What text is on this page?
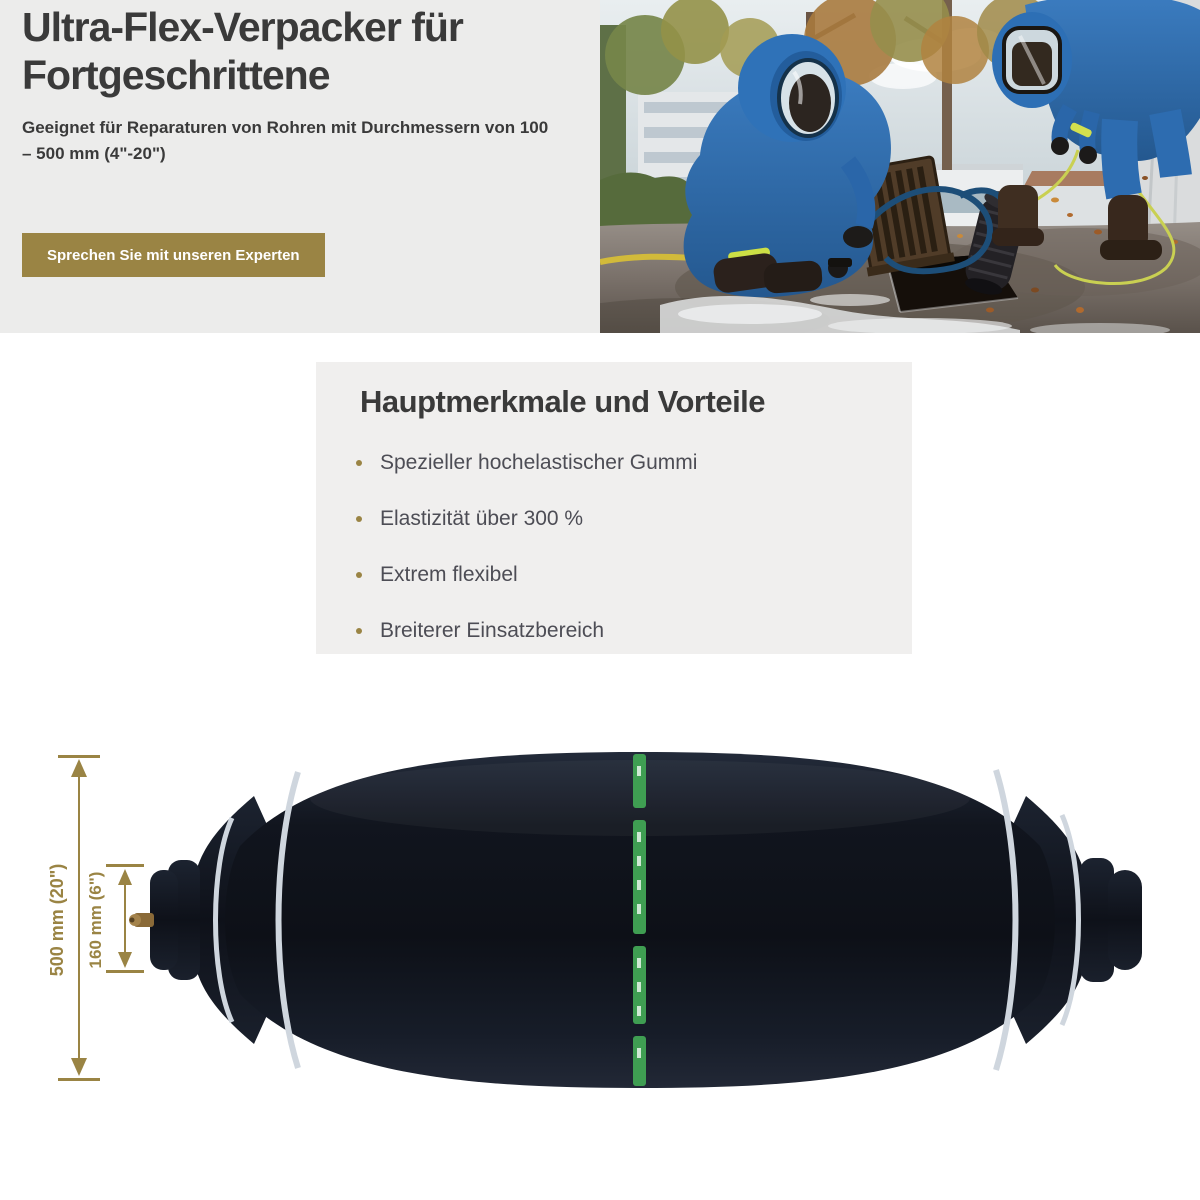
Ultra-Flex-Verpacker für Fortgeschrittene

Geeignet für Reparaturen von Rohren mit Durchmessern von 100 – 500 mm (4"-20")

Sprechen Sie mit unseren Experten
Hauptmerkmale und Vorteile
Spezieller hochelastischer Gummi
Elastizität über 300 %
Extrem flexibel
Breiterer Einsatzbereich
500 mm (20") 160 mm (6")
